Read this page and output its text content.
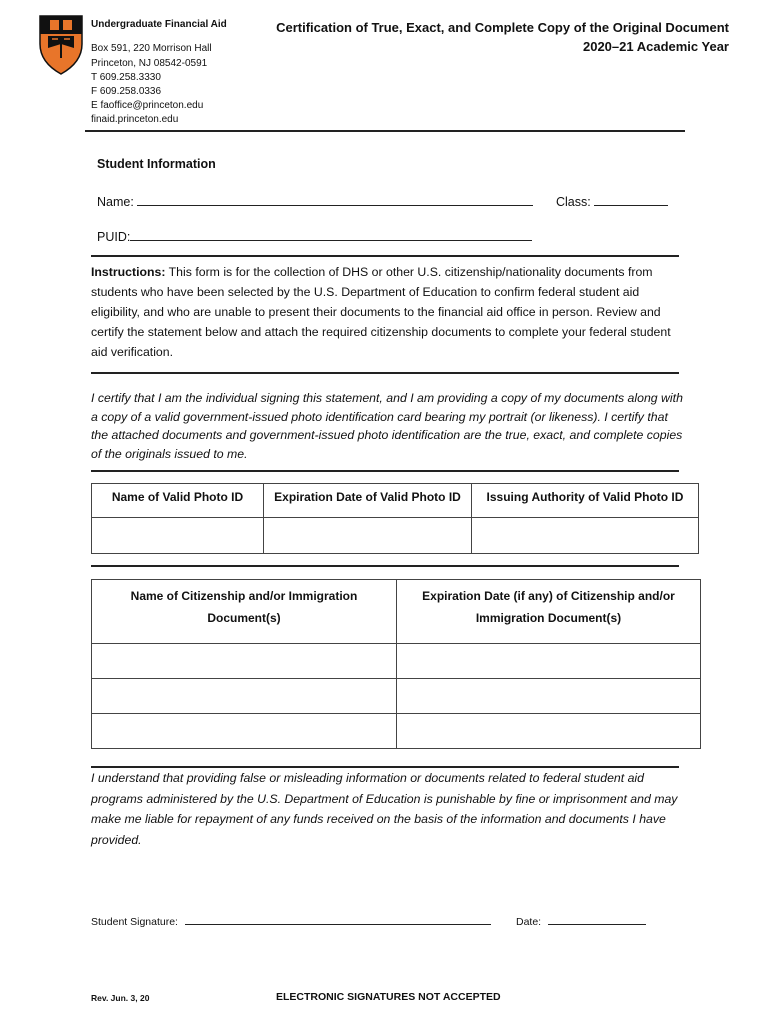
Undergraduate Financial Aid
Box 591, 220 Morrison Hall
Princeton, NJ 08542-0591
T 609.258.3330
F 609.258.0336
E faoffice@princeton.edu
finaid.princeton.edu
Certification of True, Exact, and Complete Copy of the Original Document
2020–21 Academic Year
Student Information
Name:	Class:
PUID:
Instructions: This form is for the collection of DHS or other U.S. citizenship/nationality documents from students who have been selected by the U.S. Department of Education to confirm federal student aid eligibility, and who are unable to present their documents to the financial aid office in person. Review and certify the statement below and attach the required citizenship documents to complete your federal student aid verification.
I certify that I am the individual signing this statement, and I am providing a copy of my documents along with a copy of a valid government-issued photo identification card bearing my portrait (or likeness). I certify that the attached documents and government-issued photo identification are the true, exact, and complete copies of the originals issued to me.
Name of Valid Photo ID	Expiration Date of Valid Photo ID	Issuing Authority of Valid Photo ID

Name of Citizenship and/or Immigration Document(s)	Expiration Date (if any) of Citizenship and/or Immigration Document(s)

I understand that providing false or misleading information or documents related to federal student aid programs administered by the U.S. Department of Education is punishable by fine or imprisonment and may make me liable for repayment of any funds received on the basis of the information and documents I have provided.
Student Signature:	Date:
Rev. Jun. 3, 20	ELECTRONIC SIGNATURES NOT ACCEPTED
